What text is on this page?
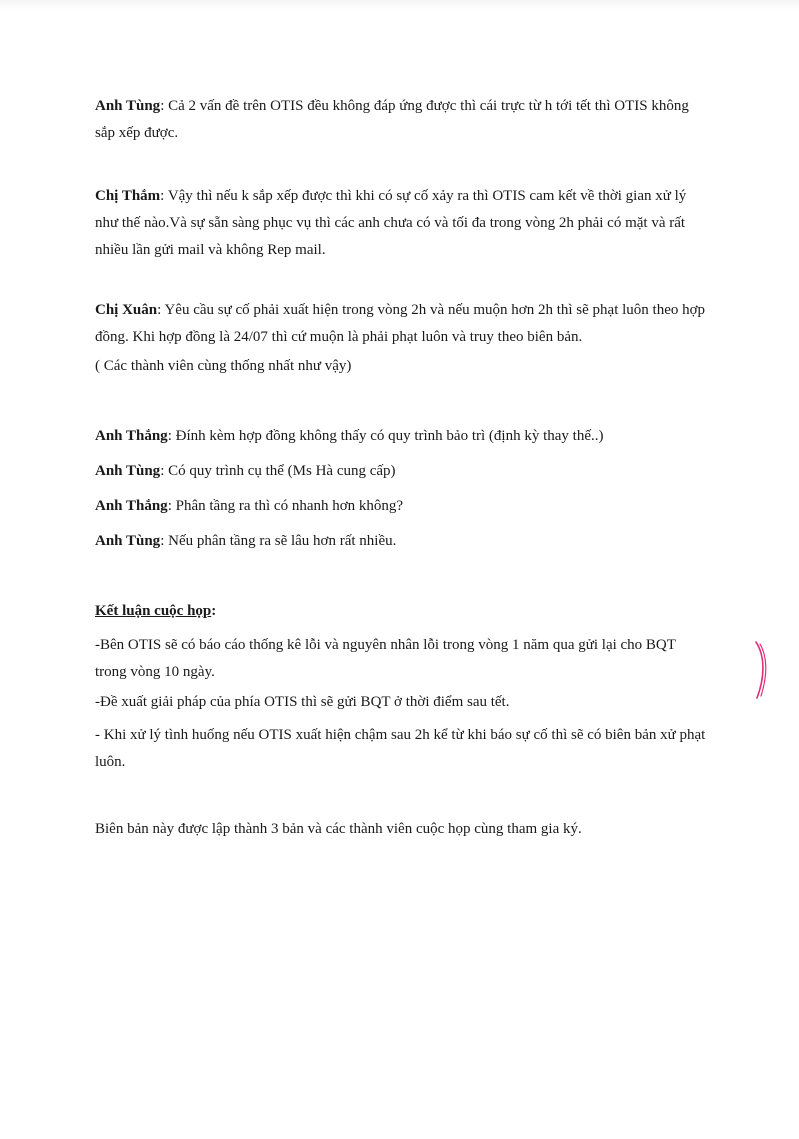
Anh Tùng: Cả 2 vấn đề trên OTIS đều không đáp ứng được thì cái trực từ h tới tết thì OTIS không sắp xếp được.

Chị Thắm: Vậy thì nếu k sắp xếp được thì khi có sự cố xảy ra thì OTIS cam kết về thời gian xử lý như thế nào.Và sự sẵn sàng phục vụ thì các anh chưa có và tối đa trong vòng 2h phải có mặt và rất nhiều lần gửi mail và không Rep mail.

Chị Xuân: Yêu cầu sự cố phải xuất hiện trong vòng 2h và nếu muộn hơn 2h thì sẽ phạt luôn theo hợp đồng. Khi hợp đồng là 24/07 thì cứ muộn là phải phạt luôn và truy theo biên bản.

( Các thành viên cùng thống nhất như vậy)

Anh Thắng: Đính kèm hợp đồng không thấy có quy trình bảo trì (định kỳ thay thế..)

Anh Tùng: Có quy trình cụ thể (Ms Hà cung cấp)

Anh Thắng: Phân tầng ra thì có nhanh hơn không?

Anh Tùng: Nếu phân tầng ra sẽ lâu hơn rất nhiều.

Kết luận cuộc họp:

-Bên OTIS sẽ có báo cáo thống kê lỗi và nguyên nhân lỗi trong vòng 1 năm qua gửi lại cho BQT trong vòng 10 ngày.

-Đề xuất giải pháp của phía OTIS thì sẽ gửi BQT ở thời điểm sau tết.

- Khi xử lý tình huống nếu OTIS xuất hiện chậm sau 2h kể từ khi báo sự cố thì sẽ có biên bản xử phạt luôn.

Biên bản này được lập thành 3 bản và các thành viên cuộc họp cùng tham gia ký.
